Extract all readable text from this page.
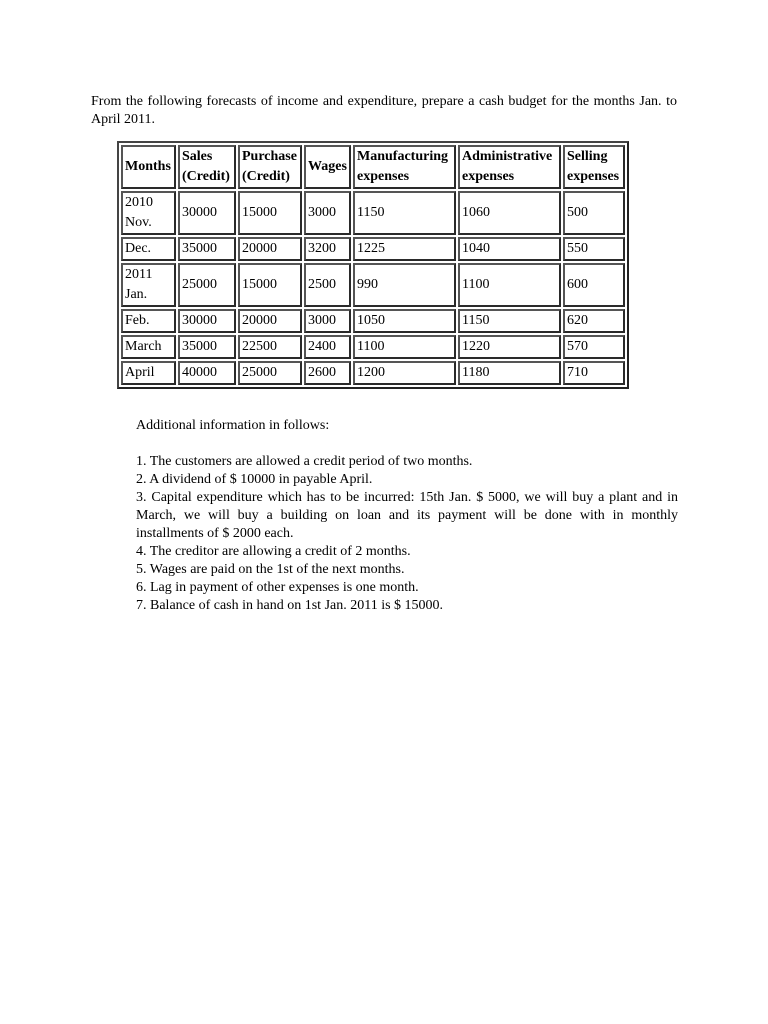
From the following forecasts of income and expenditure, prepare a cash budget for the months Jan. to April 2011.

Months	Sales (Credit)	Purchase (Credit)	Wages	Manufacturing expenses	Administrative expenses	Selling expenses
2010 Nov.	30000	15000	3000	1150	1060	500
Dec.	35000	20000	3200	1225	1040	550
2011 Jan.	25000	15000	2500	990	1100	600
Feb.	30000	20000	3000	1050	1150	620
March	35000	22500	2400	1100	1220	570
April	40000	25000	2600	1200	1180	710

Additional information in follows:

1. The customers are allowed a credit period of two months.
2. A dividend of $ 10000 in payable April.
3. Capital expenditure which has to be incurred: 15th Jan. $ 5000, we will buy a plant and in March, we will buy a building on loan and its payment will be done with in monthly installments of $ 2000 each.
4. The creditor are allowing a credit of 2 months.
5. Wages are paid on the 1st of the next months.
6. Lag in payment of other expenses is one month.
7. Balance of cash in hand on 1st Jan. 2011 is $ 15000.
